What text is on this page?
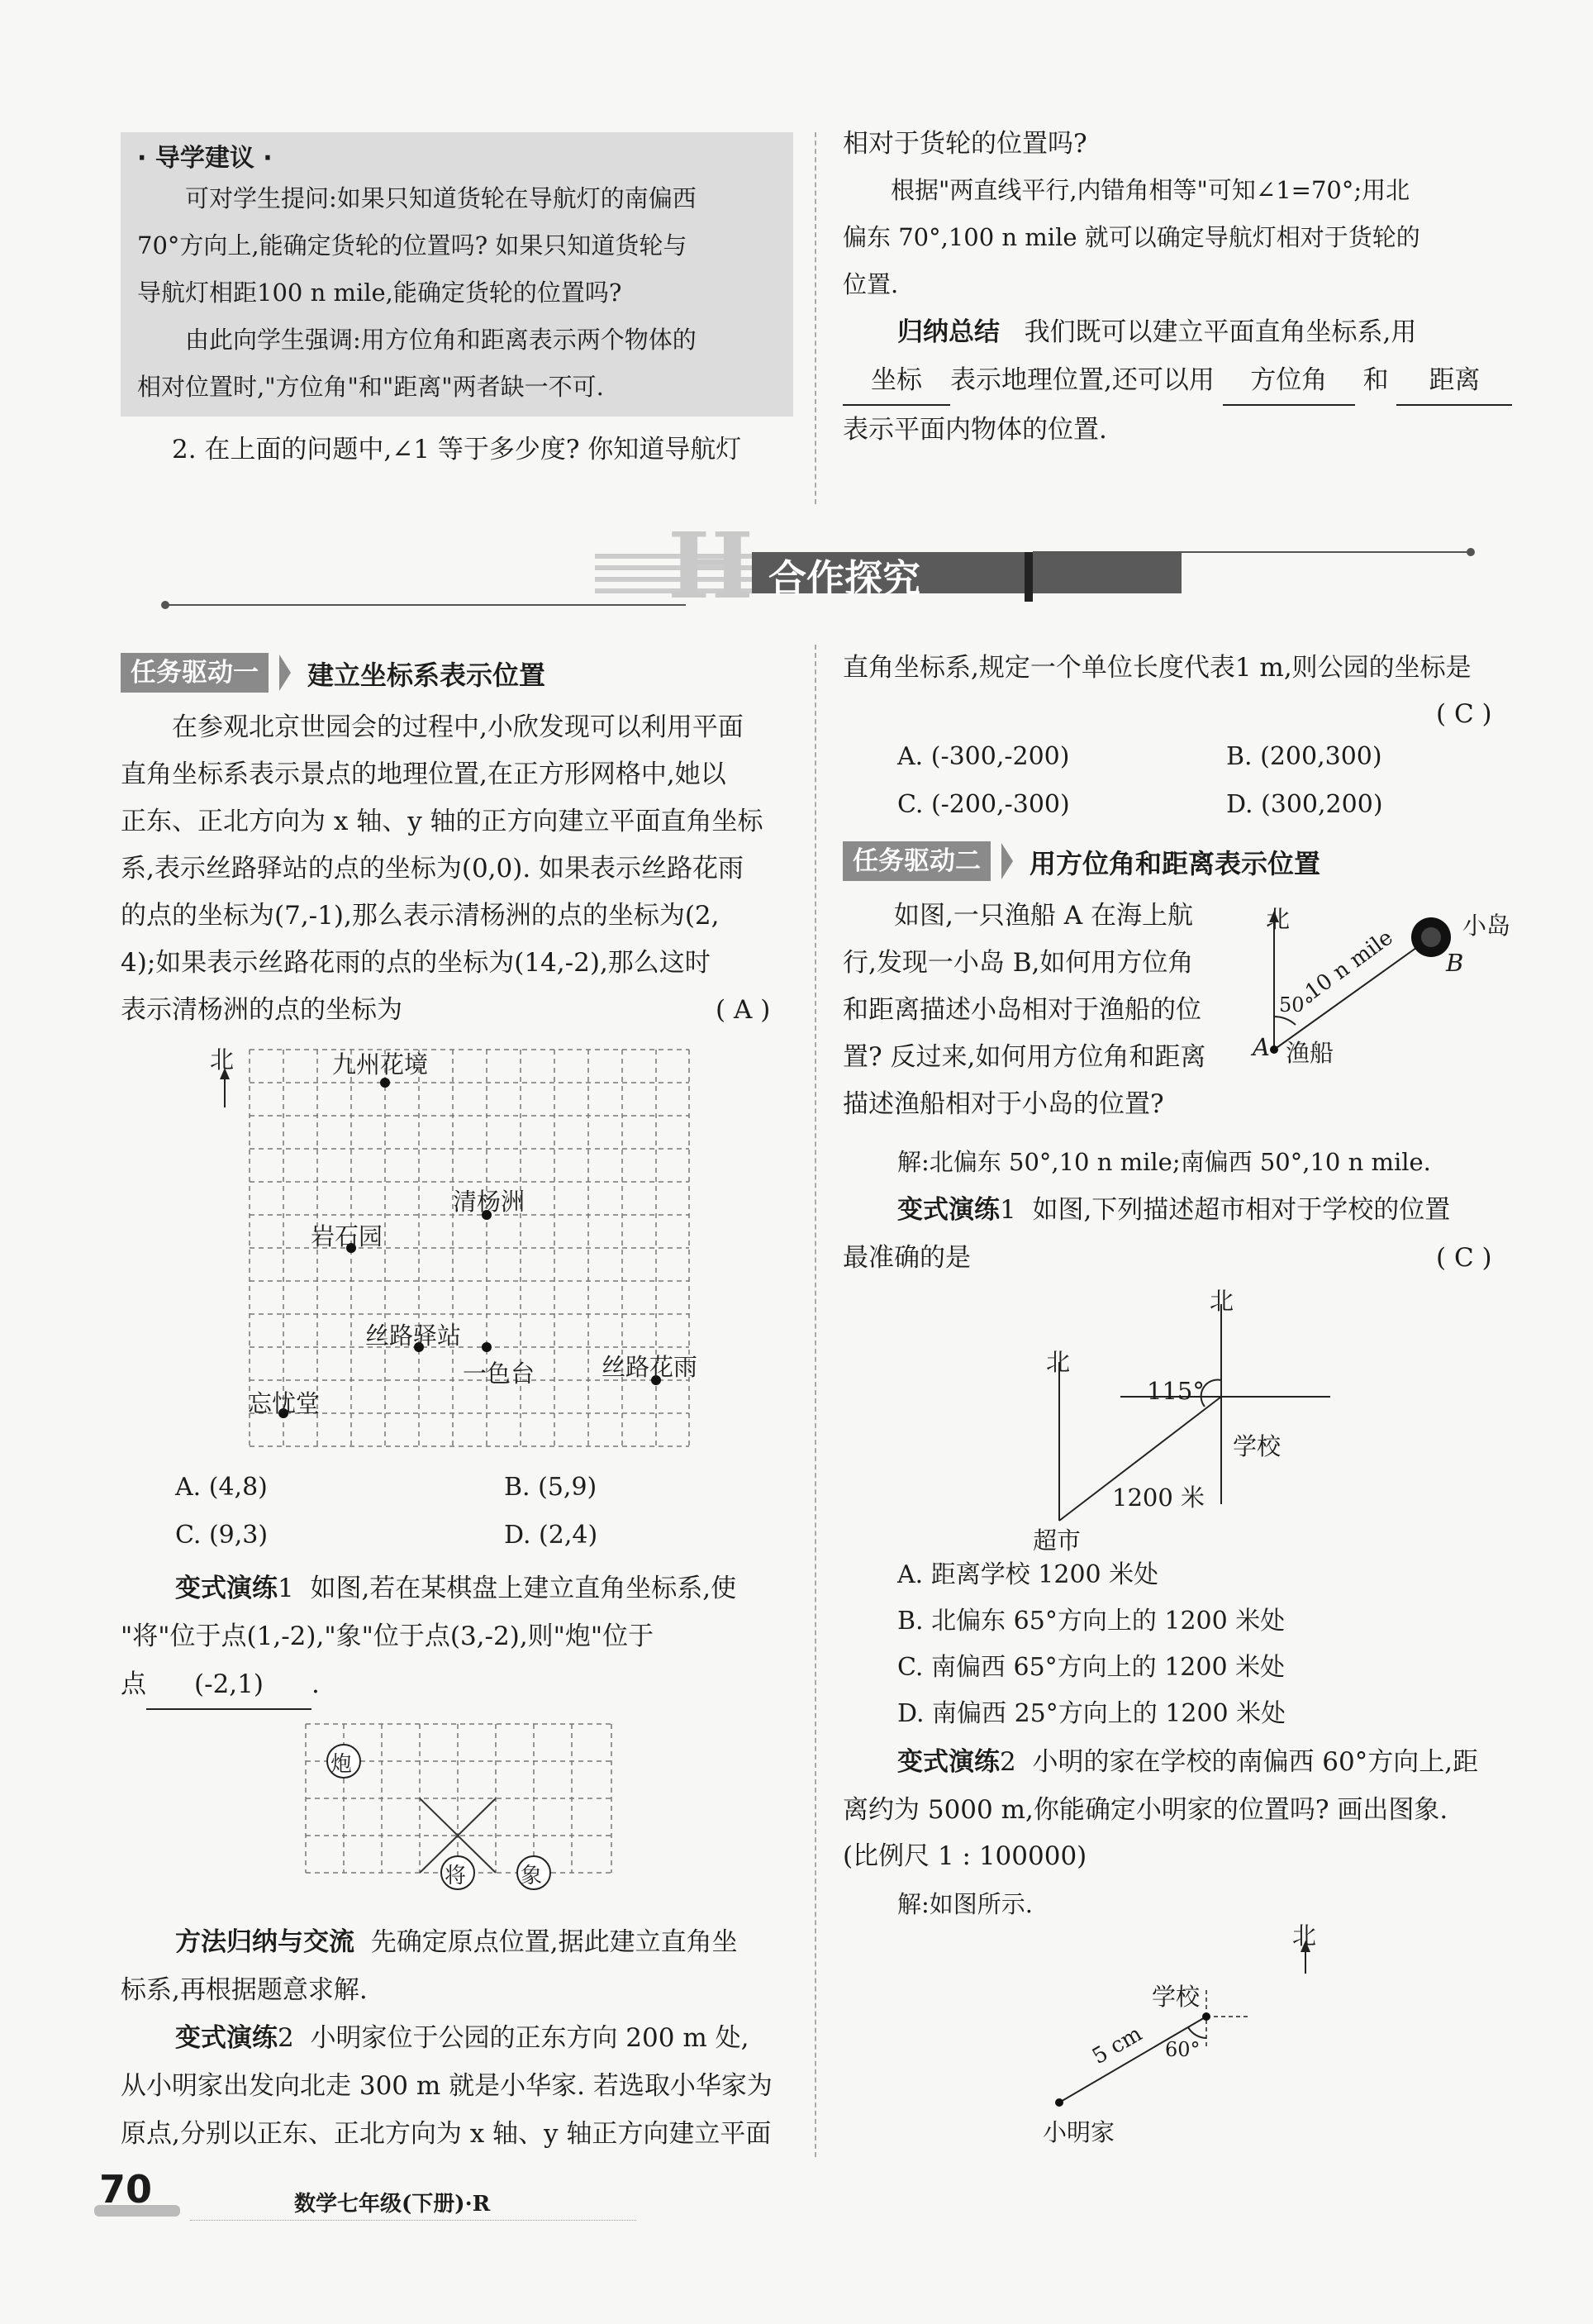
· 导学建议 ·
可对学生提问:如果只知道货轮在导航灯的南偏西
70°方向上,能确定货轮的位置吗? 如果只知道货轮与
导航灯相距100 n mile,能确定货轮的位置吗?
由此向学生强调:用方位角和距离表示两个物体的
相对位置时,"方位角"和"距离"两者缺一不可.
2. 在上面的问题中,∠1 等于多少度? 你知道导航灯
相对于货轮的位置吗?
根据"两直线平行,内错角相等"可知∠1=70°;用北
偏东 70°,100 n mile 就可以确定导航灯相对于货轮的
位置.
归纳总结 我们既可以建立平面直角坐标系,用
坐标 表示地理位置,还可以用 方位角 和 距离
表示平面内物体的位置.
H 合作探究
任务驱动一	建立坐标系表示位置
在参观北京世园会的过程中,小欣发现可以利用平面
直角坐标系表示景点的地理位置,在正方形网格中,她以
正东、正北方向为 x 轴、y 轴的正方向建立平面直角坐标
系,表示丝路驿站的点的坐标为(0,0). 如果表示丝路花雨
的点的坐标为(7,-1),那么表示清杨洲的点的坐标为(2,
4);如果表示丝路花雨的点的坐标为(14,-2),那么这时
表示清杨洲的点的坐标为	( A )
北	九州花境
清杨洲
岩石园
丝路驿站
一色台	丝路花雨
忘忧堂
A. (4,8)	B. (5,9)
C. (9,3)	D. (2,4)
变式演练1 如图,若在某棋盘上建立直角坐标系,使
"将"位于点(1,-2),"象"位于点(3,-2),则"炮"位于
点 (-2,1) .
炮
将	象
方法归纳与交流 先确定原点位置,据此建立直角坐
标系,再根据题意求解.
变式演练2 小明家位于公园的正东方向 200 m 处,
从小明家出发向北走 300 m 就是小华家. 若选取小华家为
原点,分别以正东、正北方向为 x 轴、y 轴正方向建立平面
直角坐标系,规定一个单位长度代表1 m,则公园的坐标是
( C )
A. (-300,-200)	B. (200,300)
C. (-200,-300)	D. (300,200)
任务驱动二	用方位角和距离表示位置
如图,一只渔船 A 在海上航
行,发现一小岛 B,如何用方位角
和距离描述小岛相对于渔船的位
置? 反过来,如何用方位角和距离
描述渔船相对于小岛的位置?
北	小岛
B
A 渔船
50°
10 n mile
解:北偏东 50°,10 n mile;南偏西 50°,10 n mile.
变式演练1 如图,下列描述超市相对于学校的位置
最准确的是	( C )
北
北
115°
学校
1200 米
超市
A. 距离学校 1200 米处
B. 北偏东 65°方向上的 1200 米处
C. 南偏西 65°方向上的 1200 米处
D. 南偏西 25°方向上的 1200 米处
变式演练2 小明的家在学校的南偏西 60°方向上,距
离约为 5000 m,你能确定小明家的位置吗? 画出图象.
(比例尺 1 : 100000)
解:如图所示.
北
学校
5 cm 60°
小明家
70	数学七年级(下册)·R
